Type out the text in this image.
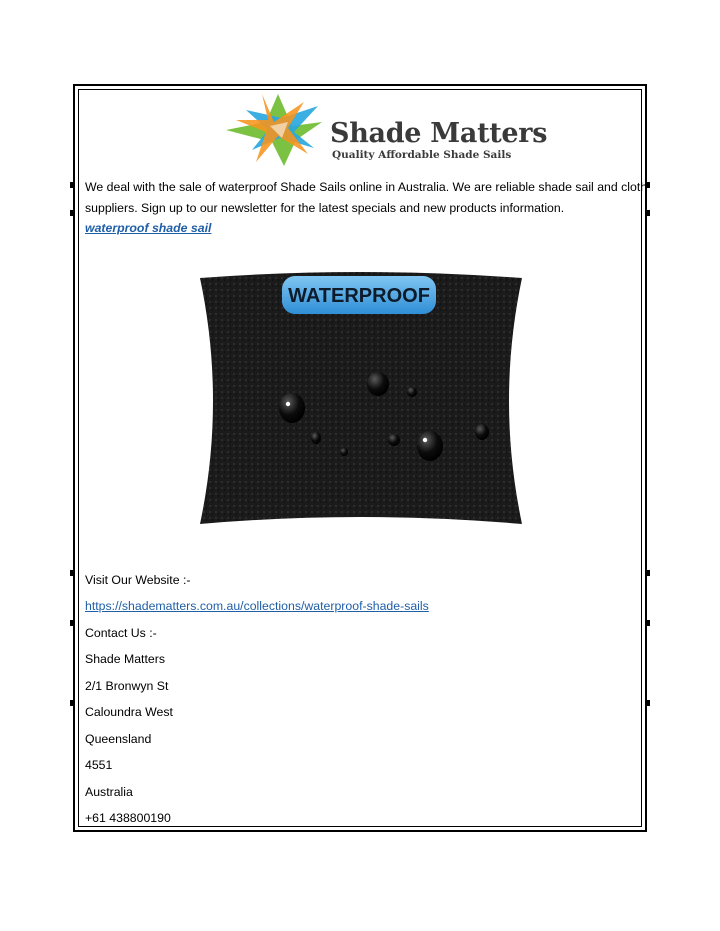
Shade Matters
Quality Affordable Shade Sails
We deal with the sale of waterproof Shade Sails online in Australia. We are reliable shade sail and cloth
suppliers. Sign up to our newsletter for the latest specials and new products information.
waterproof shade sail
WATERPROOF
Visit Our Website :-
https://shadematters.com.au/collections/waterproof-shade-sails
Contact Us :-
Shade Matters
2/1 Bronwyn St
Caloundra West
Queensland
4551
Australia
+61 438800190
